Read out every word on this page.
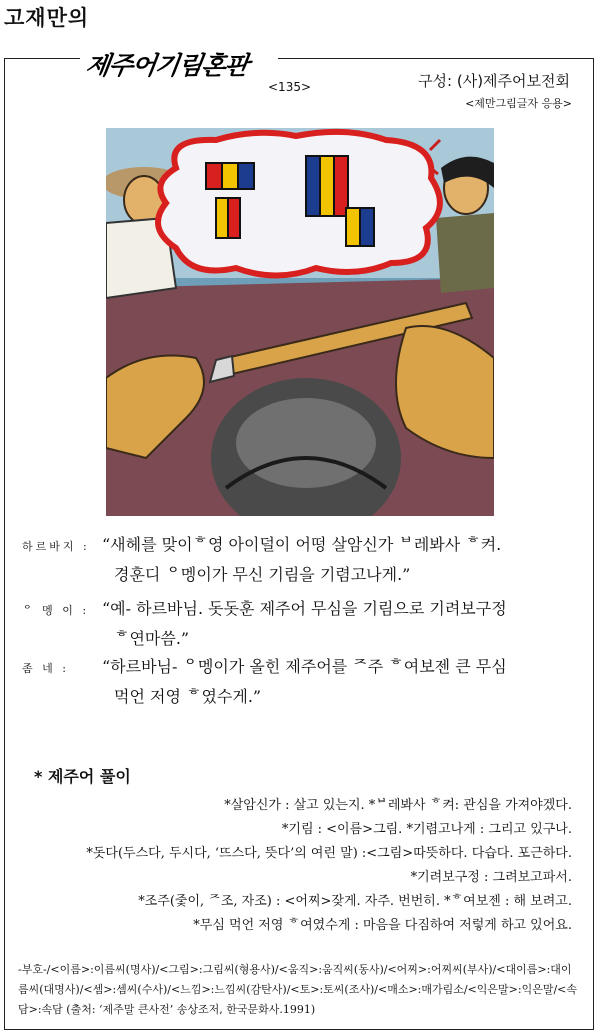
고재만의
제주어기림혼판
<135>	구성: (사)제주어보전회
<제만그림글자 응용>
하르바지 : “새헤를 맞이ᄒ영 아이덜이 어떵 살암신가 ᄇ레봐사 ᄒ켜.
경훈디 ᄋ멩이가 무신 기림을 기렴고나게.”
ᄋ 멩 이 : “예- 하르바님. 돗돗훈 제주어 무심을 기림으로 기려보구정
ᄒ연마씀.”
좀 네 :	“하르바님- ᄋ멩이가 올힌 제주어를 ᄌ주 ᄒ여보젠 큰 무심
먹언 저영 ᄒ였수게.”
* 제주어 풀이
*살암신가 : 살고 있는지. *ᄇ레봐사 ᄒ켜: 관심을 가져야겠다.
*기림 : <이름>그림. *기렴고나게 : 그리고 있구나.
*돗다(두스다, 두시다, ‘뜨스다, 뜻다’의 여린 말) :<그림>따뜻하다. 다습다. 포근하다.
*기려보구정 : 그려보고파서.
*조주(줓이, ᄌ조, 자조) : <어찌>잦게. 자주. 번번히. *ᄒ여보젠 : 해 보려고.
*무심 먹언 저영 ᄒ여였수게 : 마음을 다짐하여 저렇게 하고 있어요.
-부호-/<이름>:이름씨(명사)/<그림>:그림씨(형용사)/<움직>:움직씨(동사)/<어찌>:어찌씨(부사)/<대이름>:대이
름씨(대명사)/<셈>:셈씨(수사)/<느낌>:느낌씨(감탄사)/<토>:토씨(조사)/<매소>:매가림소/<익은말>:익은말/<속
담>:속담 (출처: ‘제주말 큰사전’ 송상조저, 한국문화사.1991)
